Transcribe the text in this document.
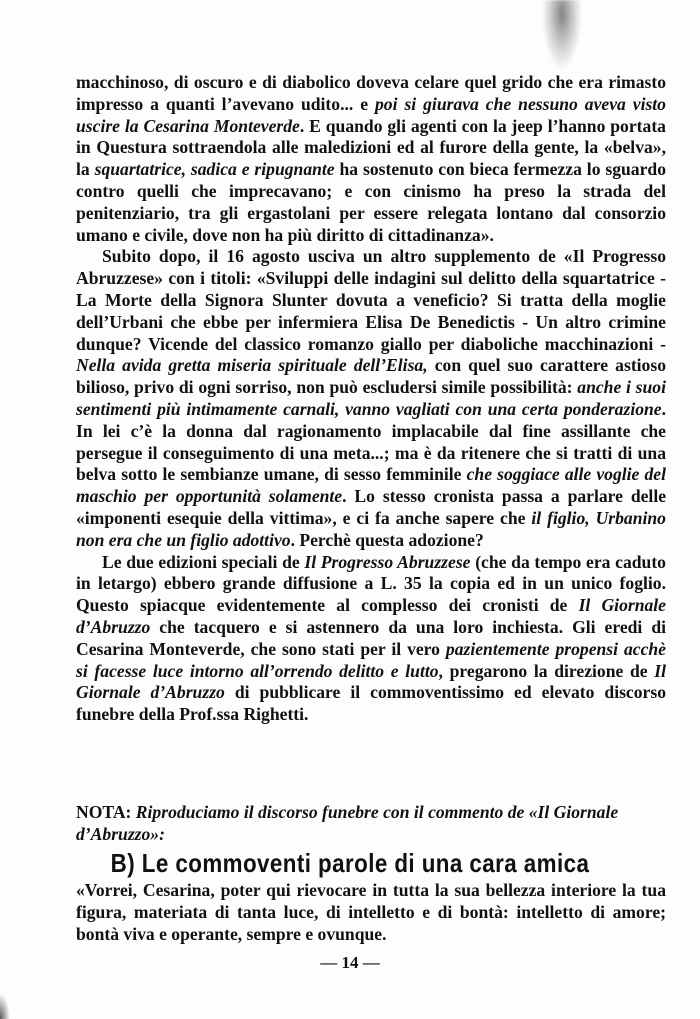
macchinoso, di oscuro e di diabolico doveva celare quel grido che era rimasto impresso a quanti l’avevano udito... e poi si giurava che nessuno aveva visto uscire la Cesarina Monteverde. E quando gli agenti con la jeep l’hanno portata in Questura sottraendola alle maledizioni ed al furore della gente, la «belva», la squartatrice, sadica e ripugnante ha sostenuto con bieca fermezza lo sguardo contro quelli che imprecavano; e con cinismo ha preso la strada del penitenziario, tra gli ergastolani per essere relegata lontano dal consorzio umano e civile, dove non ha più diritto di cittadinanza».

Subito dopo, il 16 agosto usciva un altro supplemento de «Il Progresso Abruzzese» con i titoli: «Sviluppi delle indagini sul delitto della squartatrice - La Morte della Signora Slunter dovuta a veneficio? Si tratta della moglie dell’Urbani che ebbe per infermiera Elisa De Benedictis - Un altro crimine dunque? Vicende del classico romanzo giallo per diaboliche macchinazioni - Nella avida gretta miseria spirituale dell’Elisa, con quel suo carattere astioso bilioso, privo di ogni sorriso, non può escludersi simile possibilità: anche i suoi sentimenti più intimamente carnali, vanno vagliati con una certa ponderazione. In lei c’è la donna dal ragionamento implacabile dal fine assillante che persegue il conseguimento di una meta...; ma è da ritenere che si tratti di una belva sotto le sembianze umane, di sesso femminile che soggiace alle voglie del maschio per opportunità solamente. Lo stesso cronista passa a parlare delle «imponenti esequie della vittima», e ci fa anche sapere che il figlio, Urbanino non era che un figlio adottivo. Perchè questa adozione?

Le due edizioni speciali de Il Progresso Abruzzese (che da tempo era caduto in letargo) ebbero grande diffusione a L. 35 la copia ed in un unico foglio. Questo spiacque evidentemente al complesso dei cronisti de Il Giornale d’Abruzzo che tacquero e si astennero da una loro inchiesta. Gli eredi di Cesarina Monteverde, che sono stati per il vero pazientemente propensi acchè si facesse luce intorno all’orrendo delitto e lutto, pregarono la direzione de Il Giornale d’Abruzzo di pubblicare il commoventissimo ed elevato discorso funebre della Prof.ssa Righetti.

NOTA: Riproduciamo il discorso funebre con il commento de «Il Giornale d’Abruzzo»:
B) Le commoventi parole di una cara amica
«Vorrei, Cesarina, poter qui rievocare in tutta la sua bellezza interiore la tua figura, materiata di tanta luce, di intelletto e di bontà: intelletto di amore; bontà viva e operante, sempre e ovunque.
— 14 —
